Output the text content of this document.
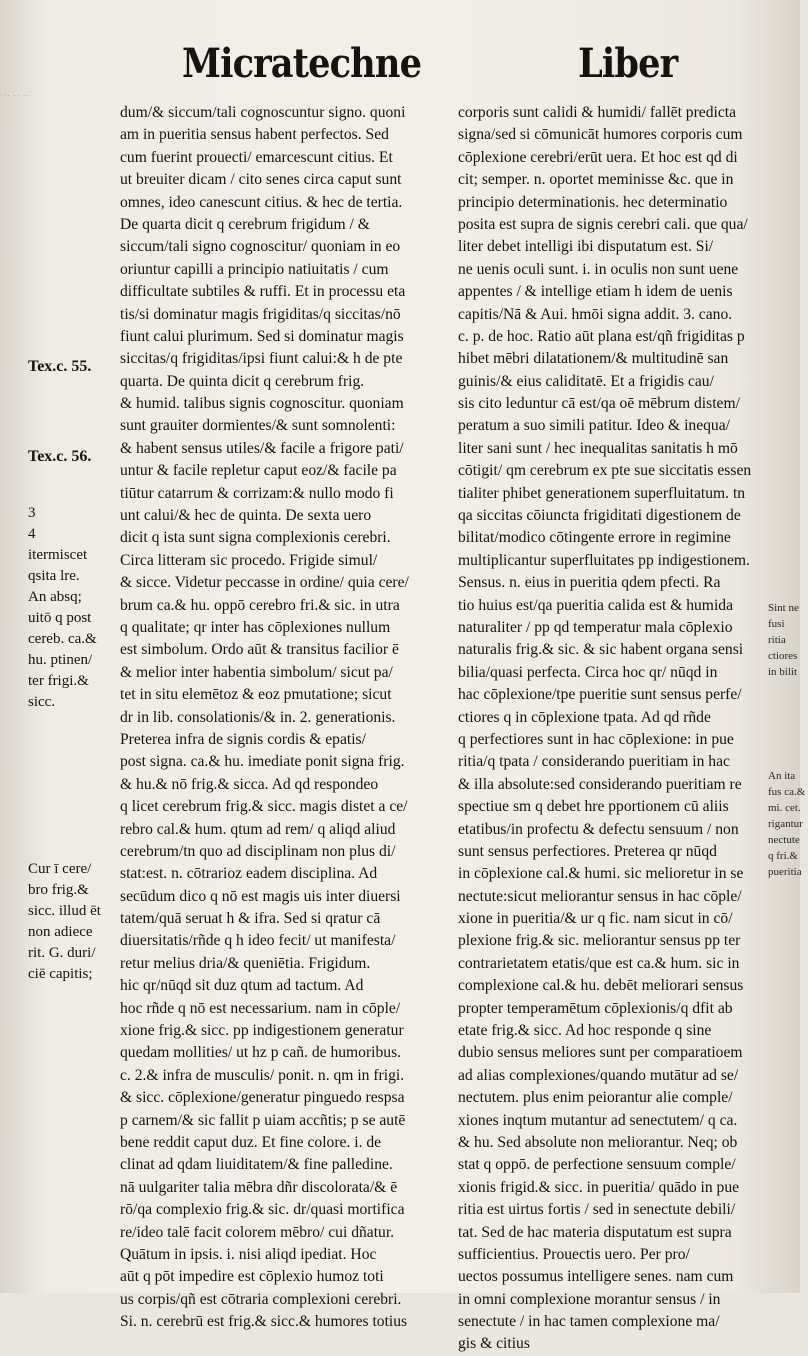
·· ·· ··
Micratechne	Liber
Tex.c. 55.
Tex.c. 56.
3
4
itermiscet
qsita lre.
An absq;
uitō q post
cereb. ca.&
hu. ptinen/
ter frigi.&
sicc.
Cur ī cere/
bro frig.&
sicc. illud ēt
non adiece
rit. G. duri/
ciē capitis;
dum/& siccum/tali cognoscuntur signo. quoni
am in pueritia sensus habent perfectos. Sed
cum fuerint prouecti/ emarcescunt citius. Et
ut breuiter dicam / cito senes circa caput sunt
omnes, ideo canescunt citius. & hec de tertia.
De quarta dicit q cerebrum frigidum / &
siccum/tali signo cognoscitur/ quoniam in eo
oriuntur capilli a principio natiuitatis / cum
difficultate subtiles & ruffi. Et in processu eta
tis/si dominatur magis frigiditas/q siccitas/nō
fiunt calui plurimum. Sed si dominatur magis
siccitas/q frigiditas/ipsi fiunt calui:& h de pte
quarta. De quinta dicit q cerebrum frig.
& humid. talibus signis cognoscitur. quoniam
sunt grauiter dormientes/& sunt somnolenti:
& habent sensus utiles/& facile a frigore pati/
untur & facile repletur caput eoz/& facile pa
tiūtur catarrum & corrizam:& nullo modo fi
unt calui/& hec de quinta. De sexta uero
dicit q ista sunt signa complexionis cerebri.
Circa litteram sic procedo. Frigide simul/
& sicce. Videtur peccasse in ordine/ quia cere/
brum ca.& hu. oppō cerebro fri.& sic. in utra
q qualitate; qr inter has cōplexiones nullum
est simbolum. Ordo aūt & transitus facilior ē
& melior inter habentia simbolum/ sicut pa/
tet in situ elemētoz & eoz pmutatione; sicut
dr in lib. consolationis/& in. 2. generationis.
Preterea infra de signis cordis & epatis/
post signa. ca.& hu. imediate ponit signa frig.
& hu.& nō frig.& sicca. Ad qd respondeo
q licet cerebrum frig.& sicc. magis distet a ce/
rebro cal.& hum. qtum ad rem/ q aliqd aliud
cerebrum/tn quo ad disciplinam non plus di/
stat:est. n. cōtrarioz eadem disciplina. Ad
secūdum dico q nō est magis uis inter diuersi
tatem/quā seruat h & ifra. Sed si qratur cā
diuersitatis/rñde q h ideo fecit/ ut manifesta/
retur melius dria/& queniētia. Frigidum.
hic qr/nūqd sit duz qtum ad tactum. Ad
hoc rñde q nō est necessarium. nam in cōple/
xione frig.& sicc. pp indigestionem generatur
quedam mollities/ ut hz p cañ. de humoribus.
c. 2.& infra de musculis/ ponit. n. qm in frigi.
& sicc. cōplexione/generatur pinguedo respsa
p carnem/& sic fallit p uiam accñtis; p se autē
bene reddit caput duz. Et fine colore. i. de
clinat ad qdam liuiditatem/& fine palledine.
nā uulgariter talia mēbra dñr discolorata/& ē
rō/qa complexio frig.& sic. dr/quasi mortifica
re/ideo talē facit colorem mēbro/ cui dñatur.
Quātum in ipsis. i. nisi aliqd ipediat. Hoc
aūt q pōt impedire est cōplexio humoz toti
us corpis/qñ est cōtraria complexioni cerebri.
Si. n. cerebrū est frig.& sicc.& humores totius
corporis sunt calidi & humidi/ fallēt predicta
signa/sed si cōmunicāt humores corporis cum
cōplexione cerebri/erūt uera. Et hoc est qd di
cit; semper. n. oportet meminisse &c. que in
principio determinationis. hec determinatio
posita est supra de signis cerebri cali. que qua/
liter debet intelligi ibi disputatum est. Si/
ne uenis oculi sunt. i. in oculis non sunt uene
appentes / & intellige etiam h idem de uenis
capitis/Nā & Aui. hmōi signa addit. 3. cano.
c. p. de hoc. Ratio aūt plana est/qñ frigiditas p
hibet mēbri dilatationem/& multitudinē san
guinis/& eius caliditatē. Et a frigidis cau/
sis cito leduntur cā est/qa oē mēbrum distem/
peratum a suo simili patitur. Ideo & inequa/
liter sani sunt / hec inequalitas sanitatis h mō
cōtigit/ qm cerebrum ex pte sue siccitatis essen
tialiter phibet generationem superfluitatum. tn
qa siccitas cōiuncta frigiditati digestionem de
bilitat/modico cōtingente errore in regimine
multiplicantur superfluitates pp indigestionem.
Sensus. n. eius in pueritia qdem pfecti. Ra
tio huius est/qa pueritia calida est & humida
naturaliter / pp qd temperatur mala cōplexio
naturalis frig.& sic. & sic habent organa sensi
bilia/quasi perfecta. Circa hoc qr/ nūqd in
hac cōplexione/tpe pueritie sunt sensus perfe/
ctiores q in cōplexione tpata. Ad qd rñde
q perfectiores sunt in hac cōplexione: in pue
ritia/q tpata / considerando pueritiam in hac
& illa absolute:sed considerando pueritiam re
spectiue sm q debet hre pportionem cū aliis
etatibus/in profectu & defectu sensuum / non
sunt sensus perfectiores. Preterea qr nūqd
in cōplexione cal.& humi. sic melioretur in se
nectute:sicut meliorantur sensus in hac cōple/
xione in pueritia/& ur q fic. nam sicut in cō/
plexione frig.& sic. meliorantur sensus pp ter
contrarietatem etatis/que est ca.& hum. sic in
complexione cal.& hu. debēt meliorari sensus
propter temperamētum cōplexionis/q dfit ab
etate frig.& sicc. Ad hoc responde q sine
dubio sensus meliores sunt per comparatioem
ad alias complexiones/quando mutātur ad se/
nectutem. plus enim peiorantur alie comple/
xiones inqtum mutantur ad senectutem/ q ca.
& hu. Sed absolute non meliorantur. Neq; ob
stat q oppō. de perfectione sensuum comple/
xionis frigid.& sicc. in pueritia/ quādo in pue
ritia est uirtus fortis / sed in senectute debili/
tat. Sed de hac materia disputatum est supra
sufficientius. Prouectis uero. Per pro/
uectos possumus intelligere senes. nam cum
in omni complexione morantur sensus / in
senectute / in hac tamen complexione ma/
gis & citius
Sint ne
fusi
ritia
ctiores
in bilit
An ita
fus ca.&
mi. cet.
rigantur
nectute
q fri.&
pueritia
